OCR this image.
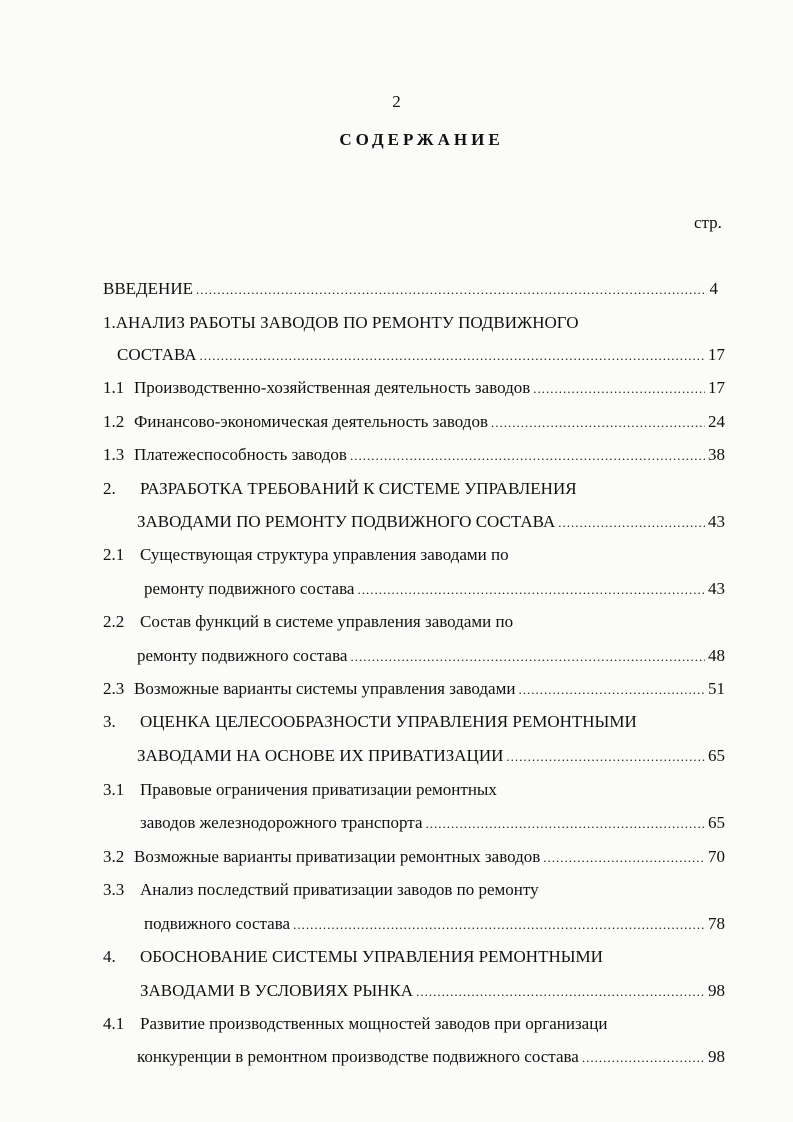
2
СОДЕРЖАНИЕ
стр.
ВВЕДЕНИЕ .....	4
1. АНАЛИЗ РАБОТЫ ЗАВОДОВ ПО РЕМОНТУ ПОДВИЖНОГО
СОСТАВА .....	17
1.1 Производственно-хозяйственная деятельность заводов .....	17
1.2 Финансово-экономическая деятельность заводов .....	24
1.3 Платежеспособность заводов .....	38
2.	РАЗРАБОТКА ТРЕБОВАНИЙ К СИСТЕМЕ УПРАВЛЕНИЯ
ЗАВОДАМИ ПО РЕМОНТУ ПОДВИЖНОГО СОСТАВА .....	43
2.1 Существующая структура управления заводами по
ремонту подвижного состава .....	43
2.2 Состав функций в системе управления заводами по
ремонту подвижного состава .....	48
2.3 Возможные варианты системы управления заводами .....	51
3.	ОЦЕНКА ЦЕЛЕСООБРАЗНОСТИ УПРАВЛЕНИЯ РЕМОНТНЫМИ
ЗАВОДАМИ НА ОСНОВЕ ИХ ПРИВАТИЗАЦИИ .....	65
3.1 Правовые ограничения приватизации ремонтных
заводов железнодорожного транспорта .....	65
3.2 Возможные варианты приватизации ремонтных заводов .....	70
3.3 Анализ последствий приватизации заводов по ремонту
подвижного состава .....	78
4.	ОБОСНОВАНИЕ СИСТЕМЫ УПРАВЛЕНИЯ РЕМОНТНЫМИ
ЗАВОДАМИ В УСЛОВИЯХ РЫНКА .....	98
4.1 Развитие производственных мощностей заводов при организаци
конкуренции в ремонтном производстве подвижного состава .....	98
